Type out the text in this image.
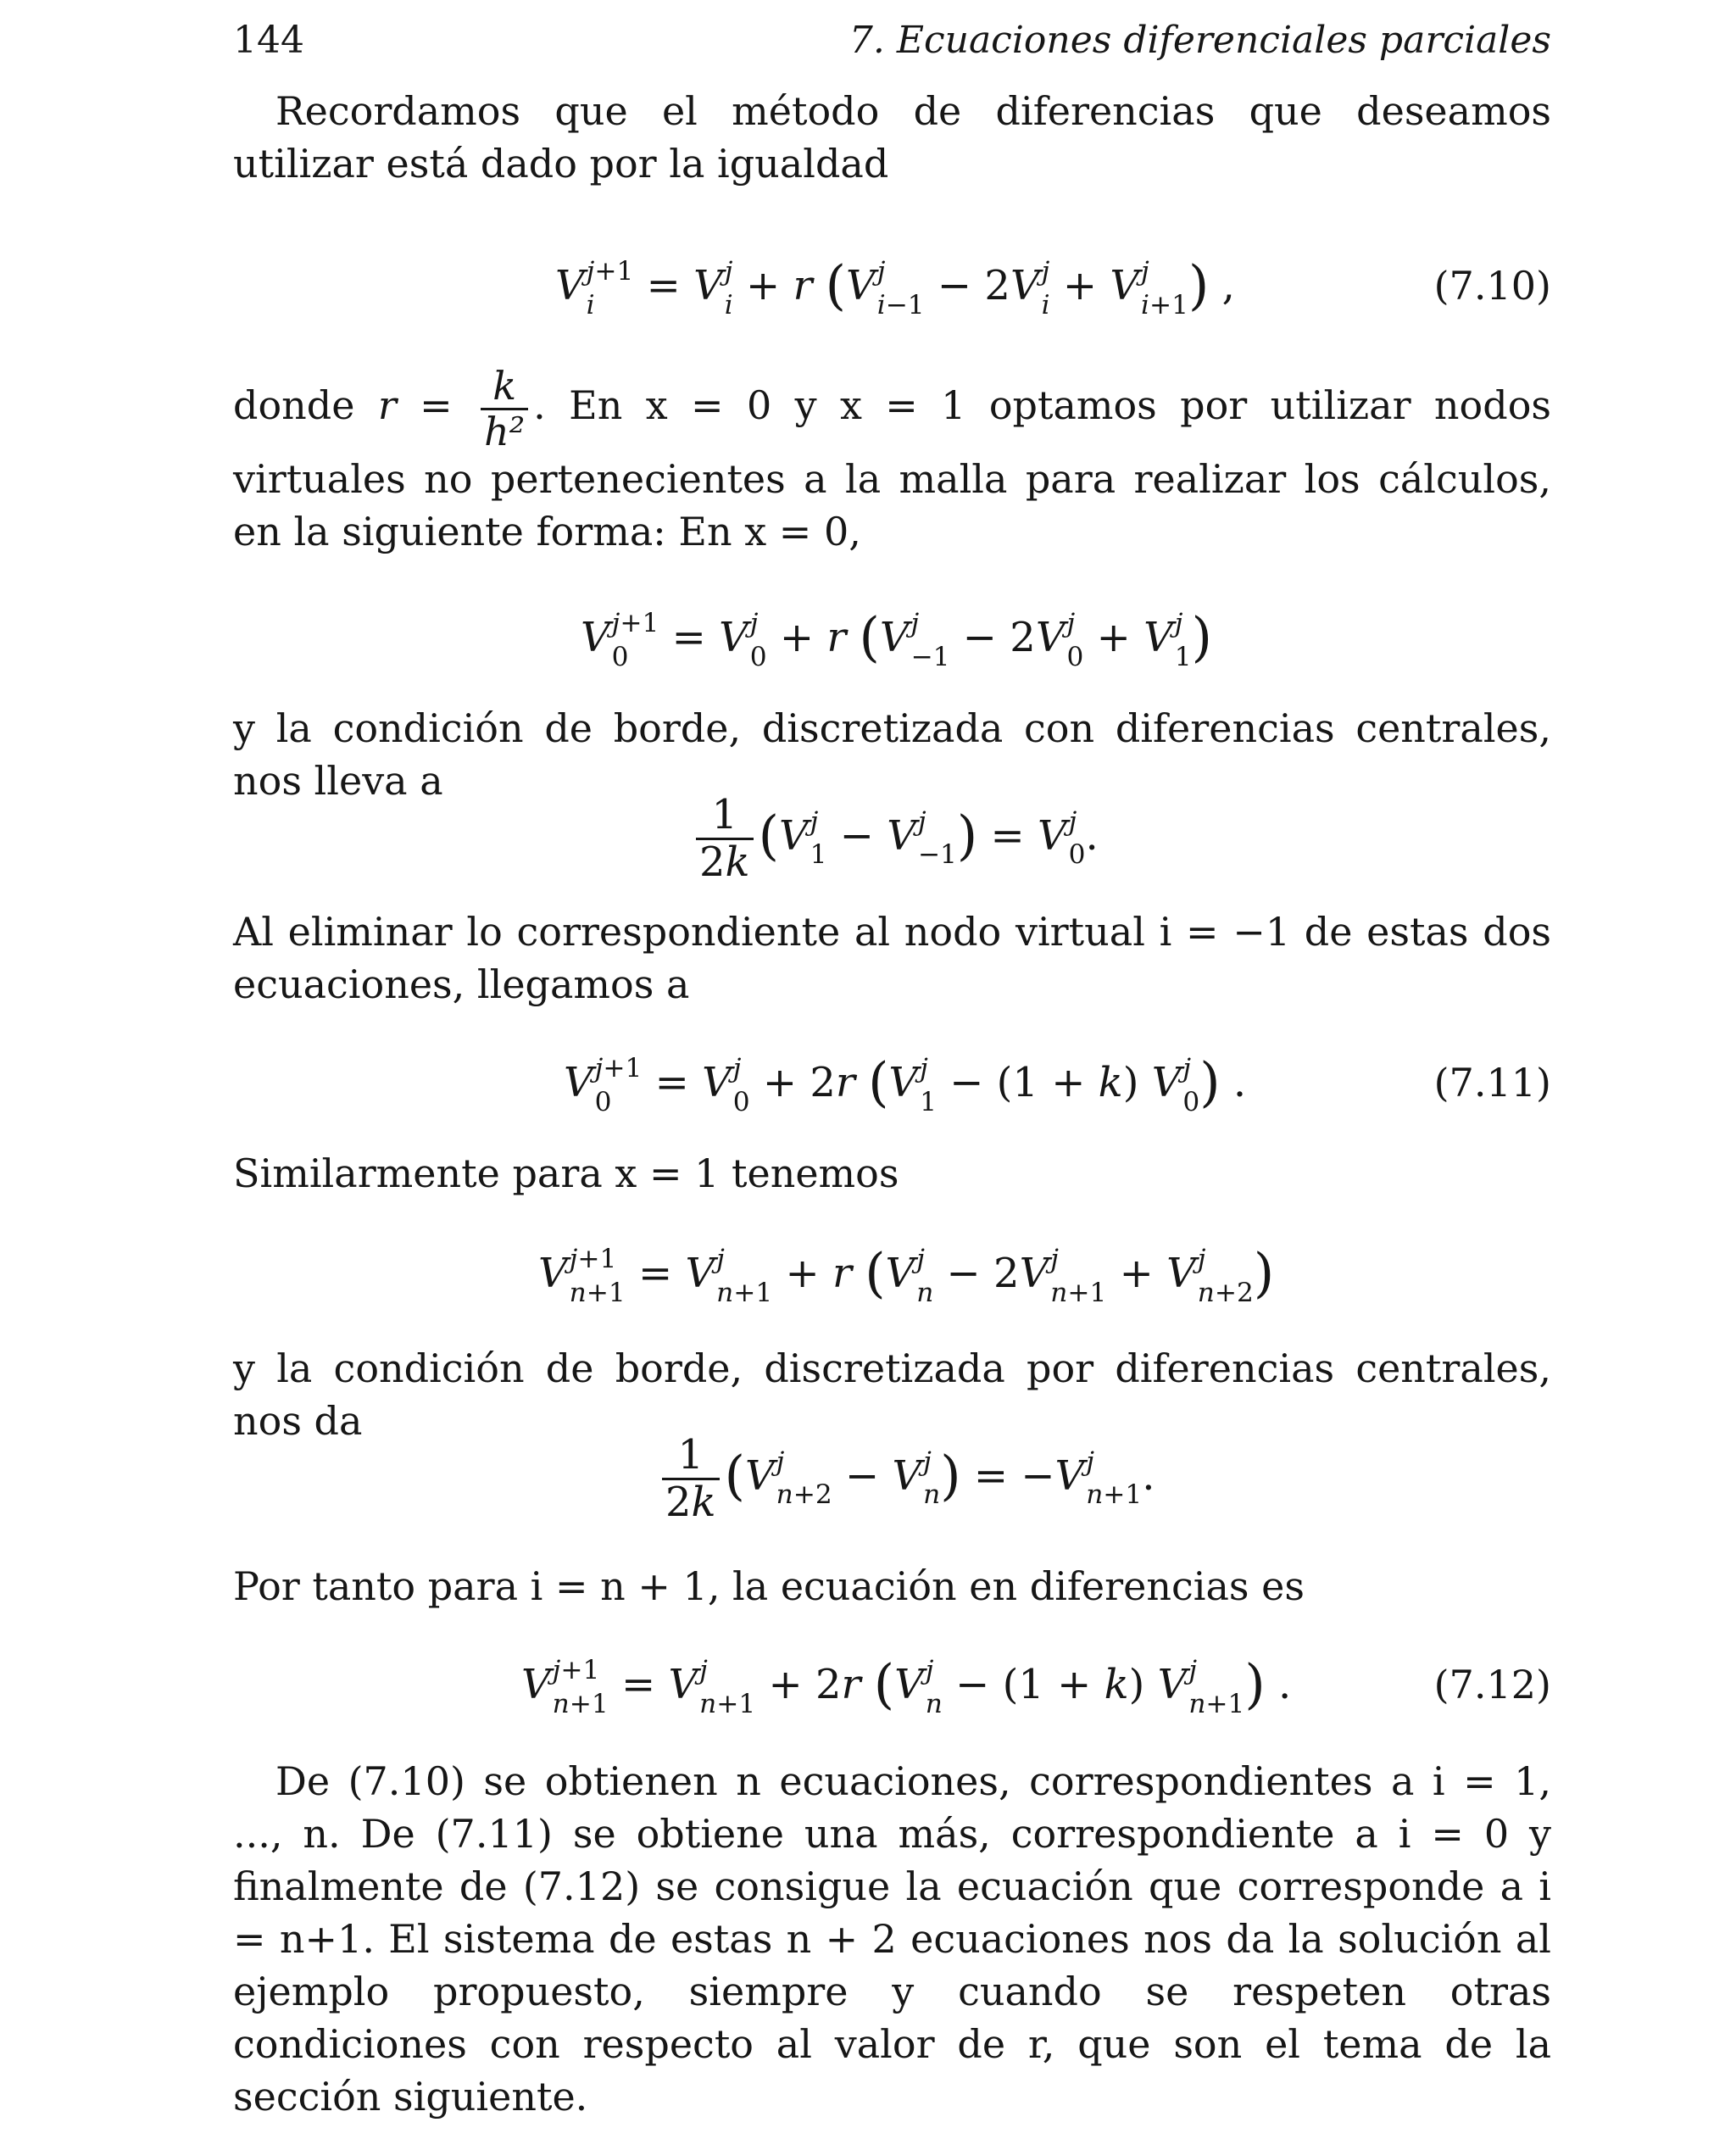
144	7. Ecuaciones diferenciales parciales

Recordamos que el método de diferencias que deseamos utilizar está dado por la igualdad

V j+1
i = V j
i + r (V j
i−1 − 2V j
i + V j
i+1 ) ,	(7.10)

donde $r = \frac{k}{\text{h²}}$ . En x = 0 y x = 1 optamos por utilizar nodos virtuales no pertenecientes a la malla para realizar los cálculos, en la siguiente forma: En x = 0,

V j+1
0 = V j
0 + r (V j
−1 − 2V j
0 + V j
1 )

y la condición de borde, discretizada con diferencias centrales, nos lleva a

$\frac{1}{2k} (V$ j
1 − V j
−1 ) = V j
0 .

Al eliminar lo correspondiente al nodo virtual i = −1 de estas dos ecuaciones, llegamos a

V j+1
0 = V j
0 + 2r (V j
1 − (1 + k) V j
0 ) .	(7.11)

Similarmente para x = 1 tenemos

V j+1
n+1 = V j
n+1 + r (V j
n − 2V j
n+1 + V j
n+2 )

y la condición de borde, discretizada por diferencias centrales, nos da

$\frac{1}{2k} (V$ j
n+2 − V j
n ) = −V j
n+1 .

Por tanto para i = n + 1, la ecuación en diferencias es

V j+1
n+1 = V j
n+1 + 2r (V j
n − (1 + k) V j
n+1 ) .	(7.12)

De (7.10) se obtienen n ecuaciones, correspondientes a i = 1, ..., n. De (7.11) se obtiene una más, correspondiente a i = 0 y finalmente de (7.12) se consigue la ecuación que corresponde a i = n+1. El sistema de estas n + 2 ecuaciones nos da la solución al ejemplo propuesto, siempre y cuando se respeten otras condiciones con respecto al valor de r, que son el tema de la sección siguiente.
